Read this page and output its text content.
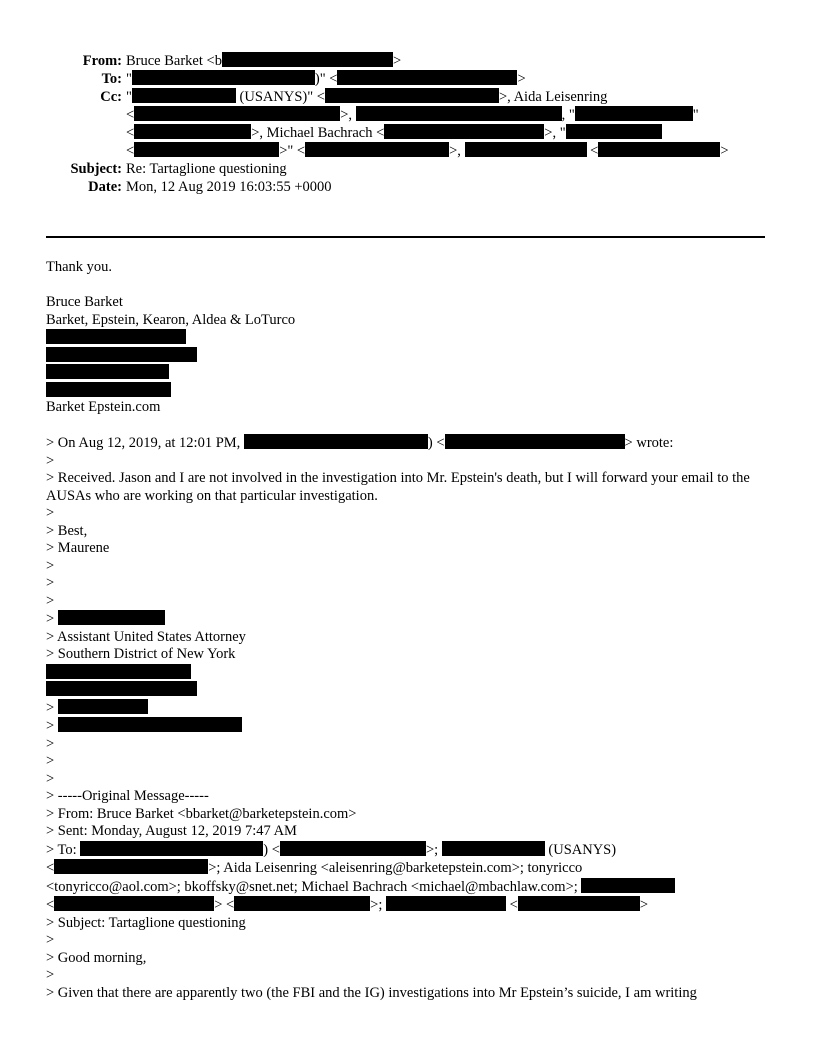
From: Bruce Barket <b	>
To: "	)" <	>
Cc: "	(USANYS)" <	>, Aida Leisenring
<	>,	, "	"
<	>, Michael Bachrach <	>, "
<	>" <	>,	<	>
Subject: Re: Tartaglione questioning
Date: Mon, 12 Aug 2019 16:03:55 +0000

Thank you.

Bruce Barket

Barket, Epstein, Kearon, Aldea & LoTurco

Barket Epstein.com

> On Aug 12, 2019, at 12:01 PM,	) <	> wrote:

>

> Received. Jason and I are not involved in the investigation into Mr. Epstein's death, but I will forward your email to the AUSAs who are working on that particular investigation.

>

> Best,

> Maurene

>

>

>

>

> Assistant United States Attorney

> Southern District of New York

>

>

>

>

>

> -----Original Message-----

> From: Bruce Barket <bbarket@barketepstein.com>

> Sent: Monday, August 12, 2019 7:47 AM

> To:	) <	>;	(USANYS)

<	>; Aida Leisenring <aleisenring@barketepstein.com>; tonyricco

<tonyricco@aol.com>; bkoffsky@snet.net; Michael Bachrach <michael@mbachlaw.com>;

<	> <	>;	<	>

> Subject: Tartaglione questioning

>

> Good morning,

>

> Given that there are apparently two (the FBI and the IG) investigations into Mr Epstein’s suicide, I am writing
